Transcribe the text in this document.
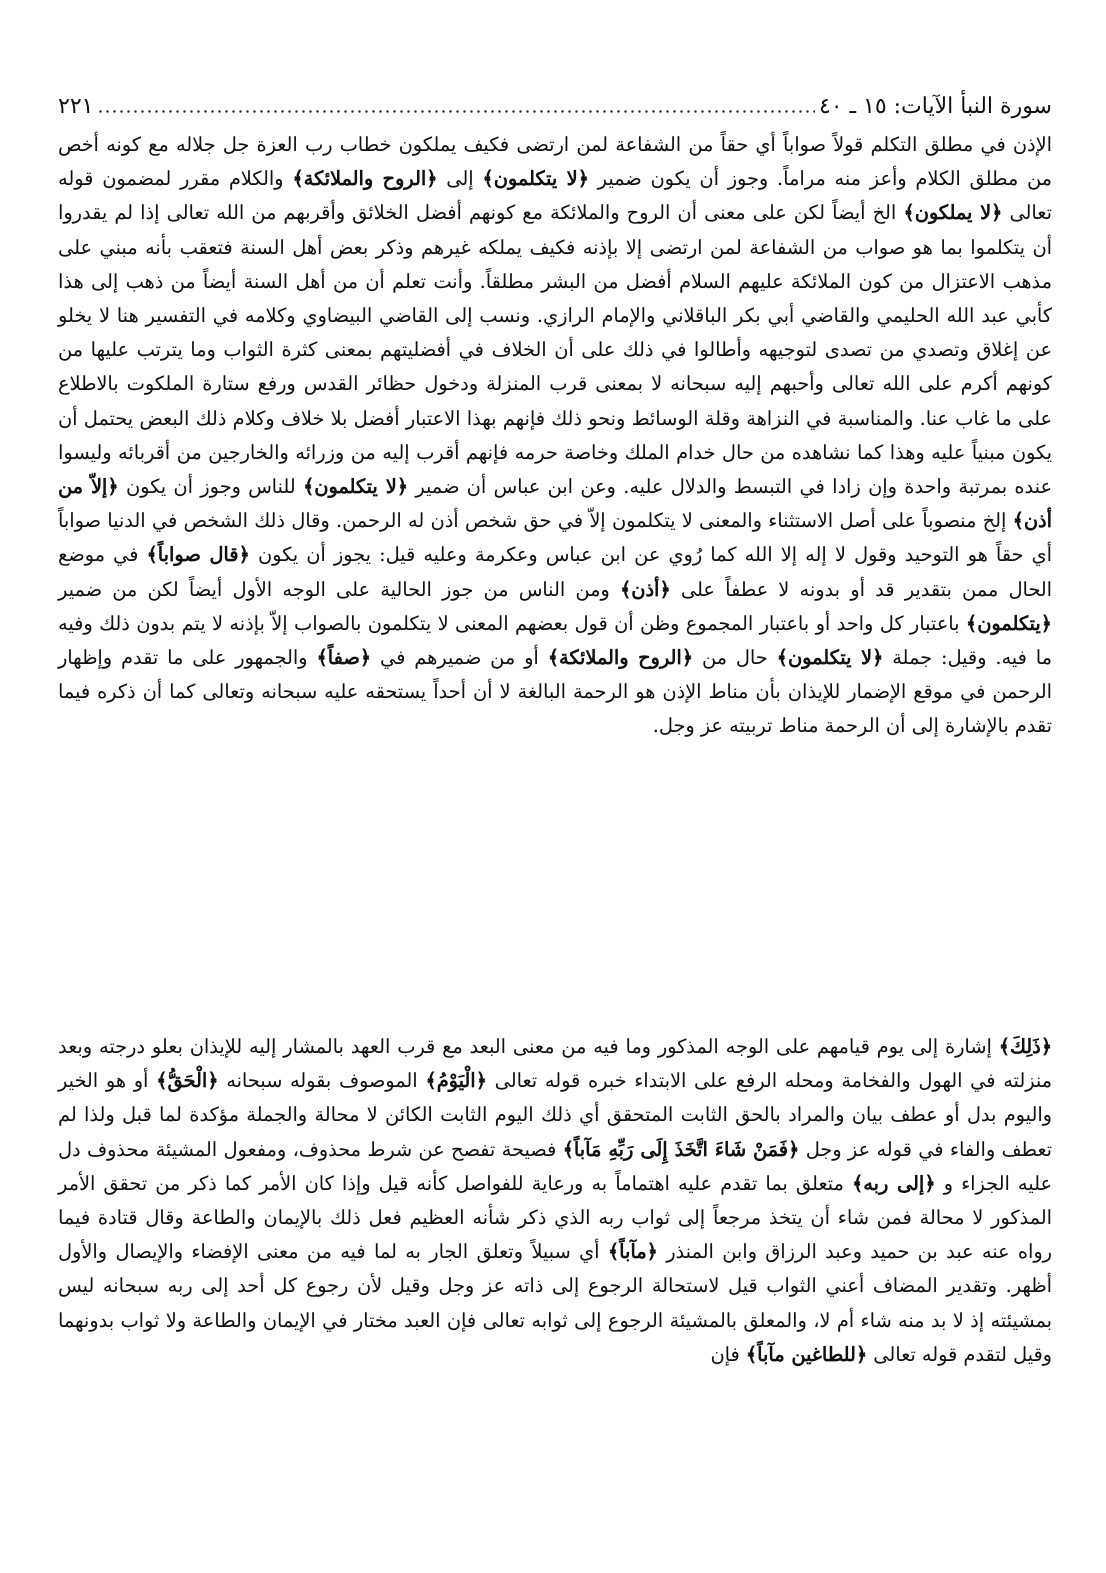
سورة النبأ الآيات: ١٥ ـ ٤٠
٢٢١

الإذن في مطلق التكلم قولاً صواباً أي حقاً من الشفاعة لمن ارتضى فكيف يملكون خطاب رب العزة جل جلاله مع كونه أخص من مطلق الكلام وأعز منه مراماً. وجوز أن يكون ضمير ﴿لا يتكلمون﴾ إلى ﴿الروح والملائكة﴾ والكلام مقرر لمضمون قوله تعالى ﴿لا يملكون﴾ الخ أيضاً لكن على معنى أن الروح والملائكة مع كونهم أفضل الخلائق وأقربهم من الله تعالى إذا لم يقدروا أن يتكلموا بما هو صواب من الشفاعة لمن ارتضى إلا بإذنه فكيف يملكه غيرهم وذكر بعض أهل السنة فتعقب بأنه مبني على مذهب الاعتزال من كون الملائكة عليهم السلام أفضل من البشر مطلقاً. وأنت تعلم أن من أهل السنة أيضاً من ذهب إلى هذا كأبي عبد الله الحليمي والقاضي أبي بكر الباقلاني والإمام الرازي. ونسب إلى القاضي البيضاوي وكلامه في التفسير هنا لا يخلو عن إغلاق وتصدي من تصدى لتوجيهه وأطالوا في ذلك على أن الخلاف في أفضليتهم بمعنى كثرة الثواب وما يترتب عليها من كونهم أكرم على الله تعالى وأحبهم إليه سبحانه لا بمعنى قرب المنزلة ودخول حظائر القدس ورفع ستارة الملكوت بالاطلاع على ما غاب عنا. والمناسبة في النزاهة وقلة الوسائط ونحو ذلك فإنهم بهذا الاعتبار أفضل بلا خلاف وكلام ذلك البعض يحتمل أن يكون مبنياً عليه وهذا كما نشاهده من حال خدام الملك وخاصة حرمه فإنهم أقرب إليه من وزرائه والخارجين من أقربائه وليسوا عنده بمرتبة واحدة وإن زادا في التبسط والدلال عليه. وعن ابن عباس أن ضمير ﴿لا يتكلمون﴾ للناس وجوز أن يكون ﴿إلاّ من أذن﴾ إلخ منصوباً على أصل الاستثناء والمعنى لا يتكلمون إلاّ في حق شخص أذن له الرحمن. وقال ذلك الشخص في الدنيا صواباً أي حقاً هو التوحيد وقول لا إله إلا الله كما رُوي عن ابن عباس وعكرمة وعليه قيل: يجوز أن يكون ﴿قال صواباً﴾ في موضع الحال ممن بتقدير قد أو بدونه لا عطفاً على ﴿أذن﴾ ومن الناس من جوز الحالية على الوجه الأول أيضاً لكن من ضمير ﴿يتكلمون﴾ باعتبار كل واحد أو باعتبار المجموع وظن أن قول بعضهم المعنى لا يتكلمون بالصواب إلاّ بإذنه لا يتم بدون ذلك وفيه ما فيه. وقيل: جملة ﴿لا يتكلمون﴾ حال من ﴿الروح والملائكة﴾ أو من ضميرهم في ﴿صفاً﴾ والجمهور على ما تقدم وإظهار الرحمن في موقع الإضمار للإيذان بأن مناط الإذن هو الرحمة البالغة لا أن أحداً يستحقه عليه سبحانه وتعالى كما أن ذكره فيما تقدم بالإشارة إلى أن الرحمة مناط تربيته عز وجل.

﴿ذَلِكَ﴾ إشارة إلى يوم قيامهم على الوجه المذكور وما فيه من معنى البعد مع قرب العهد بالمشار إليه للإيذان بعلو درجته وبعد منزلته في الهول والفخامة ومحله الرفع على الابتداء خبره قوله تعالى ﴿الْيَوْمُ﴾ الموصوف بقوله سبحانه ﴿الْحَقُّ﴾ أو هو الخير واليوم بدل أو عطف بيان والمراد بالحق الثابت المتحقق أي ذلك اليوم الثابت الكائن لا محالة والجملة مؤكدة لما قبل ولذا لم تعطف والفاء في قوله عز وجل ﴿فَمَنْ شَاءَ اتَّخَذَ إِلَى رَبِّهِ مَآباً﴾ فصيحة تفصح عن شرط محذوف، ومفعول المشيئة محذوف دل عليه الجزاء و ﴿إلى ربه﴾ متعلق بما تقدم عليه اهتماماً به ورعاية للفواصل كأنه قيل وإذا كان الأمر كما ذكر من تحقق الأمر المذكور لا محالة فمن شاء أن يتخذ مرجعاً إلى ثواب ربه الذي ذكر شأنه العظيم فعل ذلك بالإيمان والطاعة وقال قتادة فيما رواه عنه عبد بن حميد وعبد الرزاق وابن المنذر ﴿مآباً﴾ أي سبيلاً وتعلق الجار به لما فيه من معنى الإفضاء والإيصال والأول أظهر. وتقدير المضاف أعني الثواب قيل لاستحالة الرجوع إلى ذاته عز وجل وقيل لأن رجوع كل أحد إلى ربه سبحانه ليس بمشيئته إذ لا بد منه شاء أم لا، والمعلق بالمشيئة الرجوع إلى ثوابه تعالى فإن العبد مختار في الإيمان والطاعة ولا ثواب بدونهما وقيل لتقدم قوله تعالى ﴿للطاغين مآباً﴾ فإن
